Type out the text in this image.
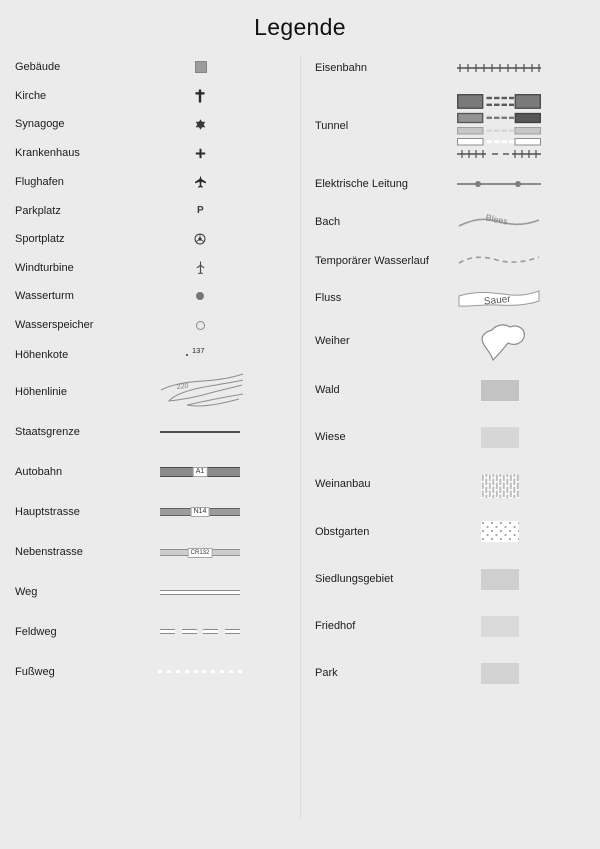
Legende
Gebäude
Kirche
Synagoge
Krankenhaus
Flughafen
Parkplatz
Sportplatz
Windturbine
Wasserturm
Wasserspeicher
Höhenkote
Höhenlinie
Staatsgrenze
Autobahn
Hauptstrasse
Nebenstrasse
Weg
Feldweg
Fußweg
P
137
220
A1
N14
CR132
Eisenbahn
Tunnel
Elektrische Leitung
Bach
Temporärer Wasserlauf
Fluss
Weiher
Wald
Wiese
Weinanbau
Obstgarten
Siedlungsgebiet
Friedhof
Park
Blees
Sauer
